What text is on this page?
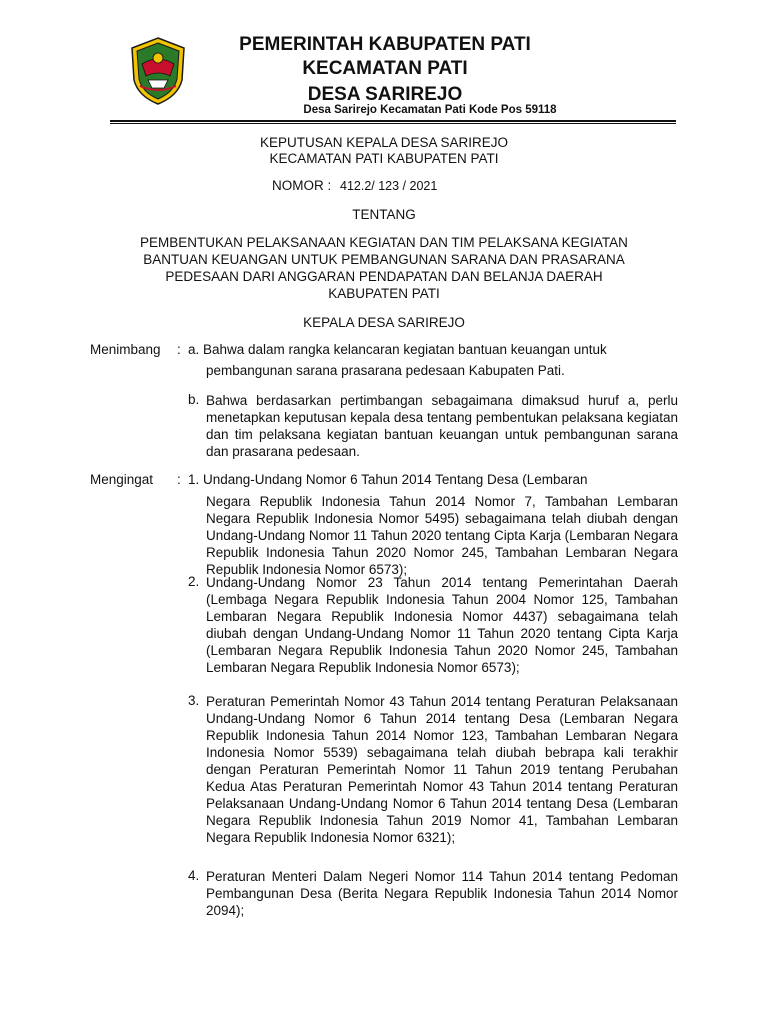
PEMERINTAH KABUPATEN PATI
KECAMATAN PATI
DESA SARIREJO
Desa Sarirejo Kecamatan Pati Kode Pos 59118
KEPUTUSAN KEPALA DESA SARIREJO
KECAMATAN PATI KABUPATEN PATI
NOMOR : 412.2/ 123 / 2021
TENTANG
PEMBENTUKAN PELAKSANAAN KEGIATAN DAN TIM PELAKSANA KEGIATAN
BANTUAN KEUANGAN UNTUK PEMBANGUNAN SARANA DAN PRASARANA
PEDESAAN DARI ANGGARAN PENDAPATAN DAN BELANJA DAERAH
KABUPATEN PATI
KEPALA DESA SARIREJO
Menimbang : a. Bahwa dalam rangka kelancaran kegiatan bantuan keuangan untuk
pembangunan sarana prasarana pedesaan Kabupaten Pati.
b. Bahwa berdasarkan pertimbangan sebagaimana dimaksud huruf a, perlu menetapkan keputusan kepala desa tentang pembentukan pelaksana kegiatan dan tim pelaksana kegiatan bantuan keuangan untuk pembangunan sarana dan prasarana pedesaan.
Mengingat : 1. Undang-Undang Nomor 6 Tahun 2014 Tentang Desa (Lembaran
Negara Republik Indonesia Tahun 2014 Nomor 7, Tambahan Lembaran Negara Republik Indonesia Nomor 5495) sebagaimana telah diubah dengan Undang-Undang Nomor 11 Tahun 2020 tentang Cipta Karja (Lembaran Negara Republik Indonesia Tahun 2020 Nomor 245, Tambahan Lembaran Negara Republik Indonesia Nomor 6573);
2. Undang-Undang Nomor 23 Tahun 2014 tentang Pemerintahan Daerah (Lembaga Negara Republik Indonesia Tahun 2004 Nomor 125, Tambahan Lembaran Negara Republik Indonesia Nomor 4437) sebagaimana telah diubah dengan Undang-Undang Nomor 11 Tahun 2020 tentang Cipta Karja (Lembaran Negara Republik Indonesia Tahun 2020 Nomor 245, Tambahan Lembaran Negara Republik Indonesia Nomor 6573);
3. Peraturan Pemerintah Nomor 43 Tahun 2014 tentang Peraturan Pelaksanaan Undang-Undang Nomor 6 Tahun 2014 tentang Desa (Lembaran Negara Republik Indonesia Tahun 2014 Nomor 123, Tambahan Lembaran Negara Indonesia Nomor 5539) sebagaimana telah diubah bebrapa kali terakhir dengan Peraturan Pemerintah Nomor 11 Tahun 2019 tentang Perubahan Kedua Atas Peraturan Pemerintah Nomor 43 Tahun 2014 tentang Peraturan Pelaksanaan Undang-Undang Nomor 6 Tahun 2014 tentang Desa (Lembaran Negara Republik Indonesia Tahun 2019 Nomor 41, Tambahan Lembaran Negara Republik Indonesia Nomor 6321);
4. Peraturan Menteri Dalam Negeri Nomor 114 Tahun 2014 tentang Pedoman Pembangunan Desa (Berita Negara Republik Indonesia Tahun 2014 Nomor 2094);
